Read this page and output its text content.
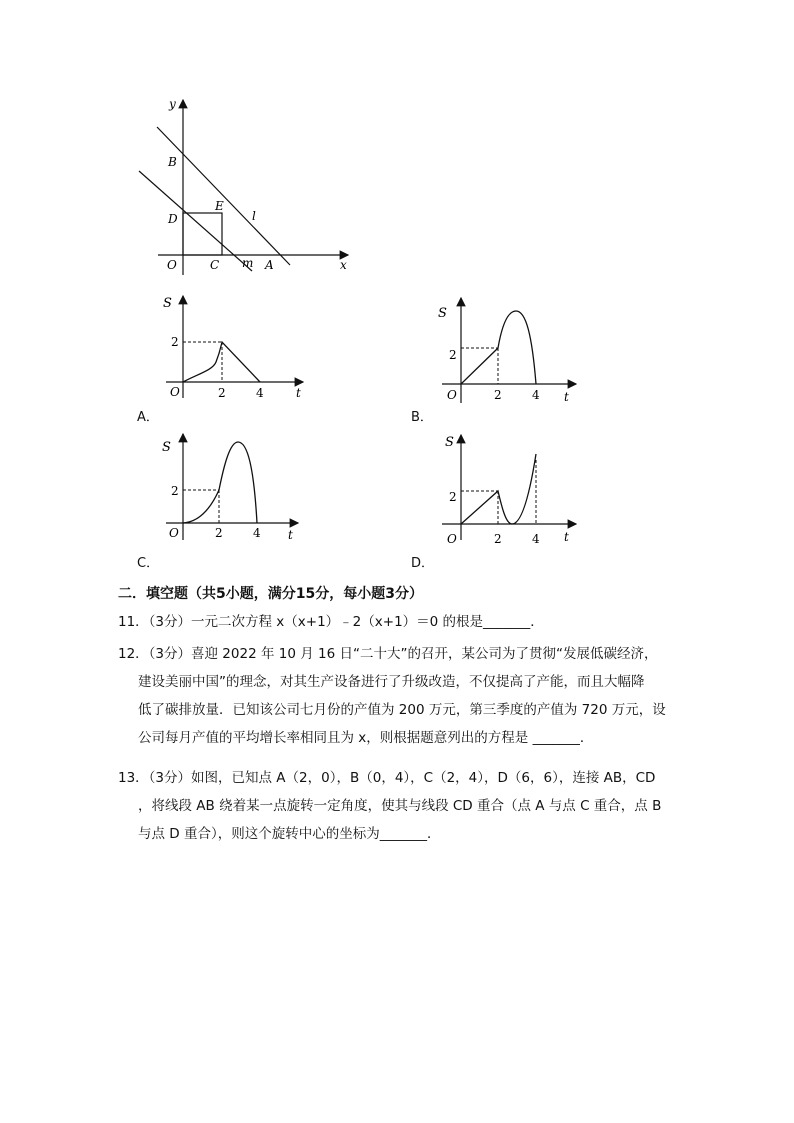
y
x
O
B
D
E
C	A
l
m
S
2
O	2	4	t
A．
S
2
O	2	4 t
B．
S
2
O	2	4 t
C．
S
2
O	2	4 t
D．
二．填空题（共5小题，满分15分，每小题3分）
11．（3分）一元二次方程 x（x+1）﹣2（x+1）＝0 的根是_______．
12．（3分）喜迎 2022 年 10 月 16 日“二十大”的召开，某公司为了贯彻“发展低碳经济，
建设美丽中国”的理念，对其生产设备进行了升级改造，不仅提高了产能，而且大幅降
低了碳排放量．已知该公司七月份的产值为 200 万元，第三季度的产值为 720 万元，设
公司每月产值的平均增长率相同且为 x，则根据题意列出的方程是 _______．
13．（3分）如图，已知点 A（2，0），B（0，4），C（2，4），D（6，6），连接 AB，CD
，将线段 AB 绕着某一点旋转一定角度，使其与线段 CD 重合（点 A 与点 C 重合，点 B
与点 D 重合），则这个旋转中心的坐标为_______．
